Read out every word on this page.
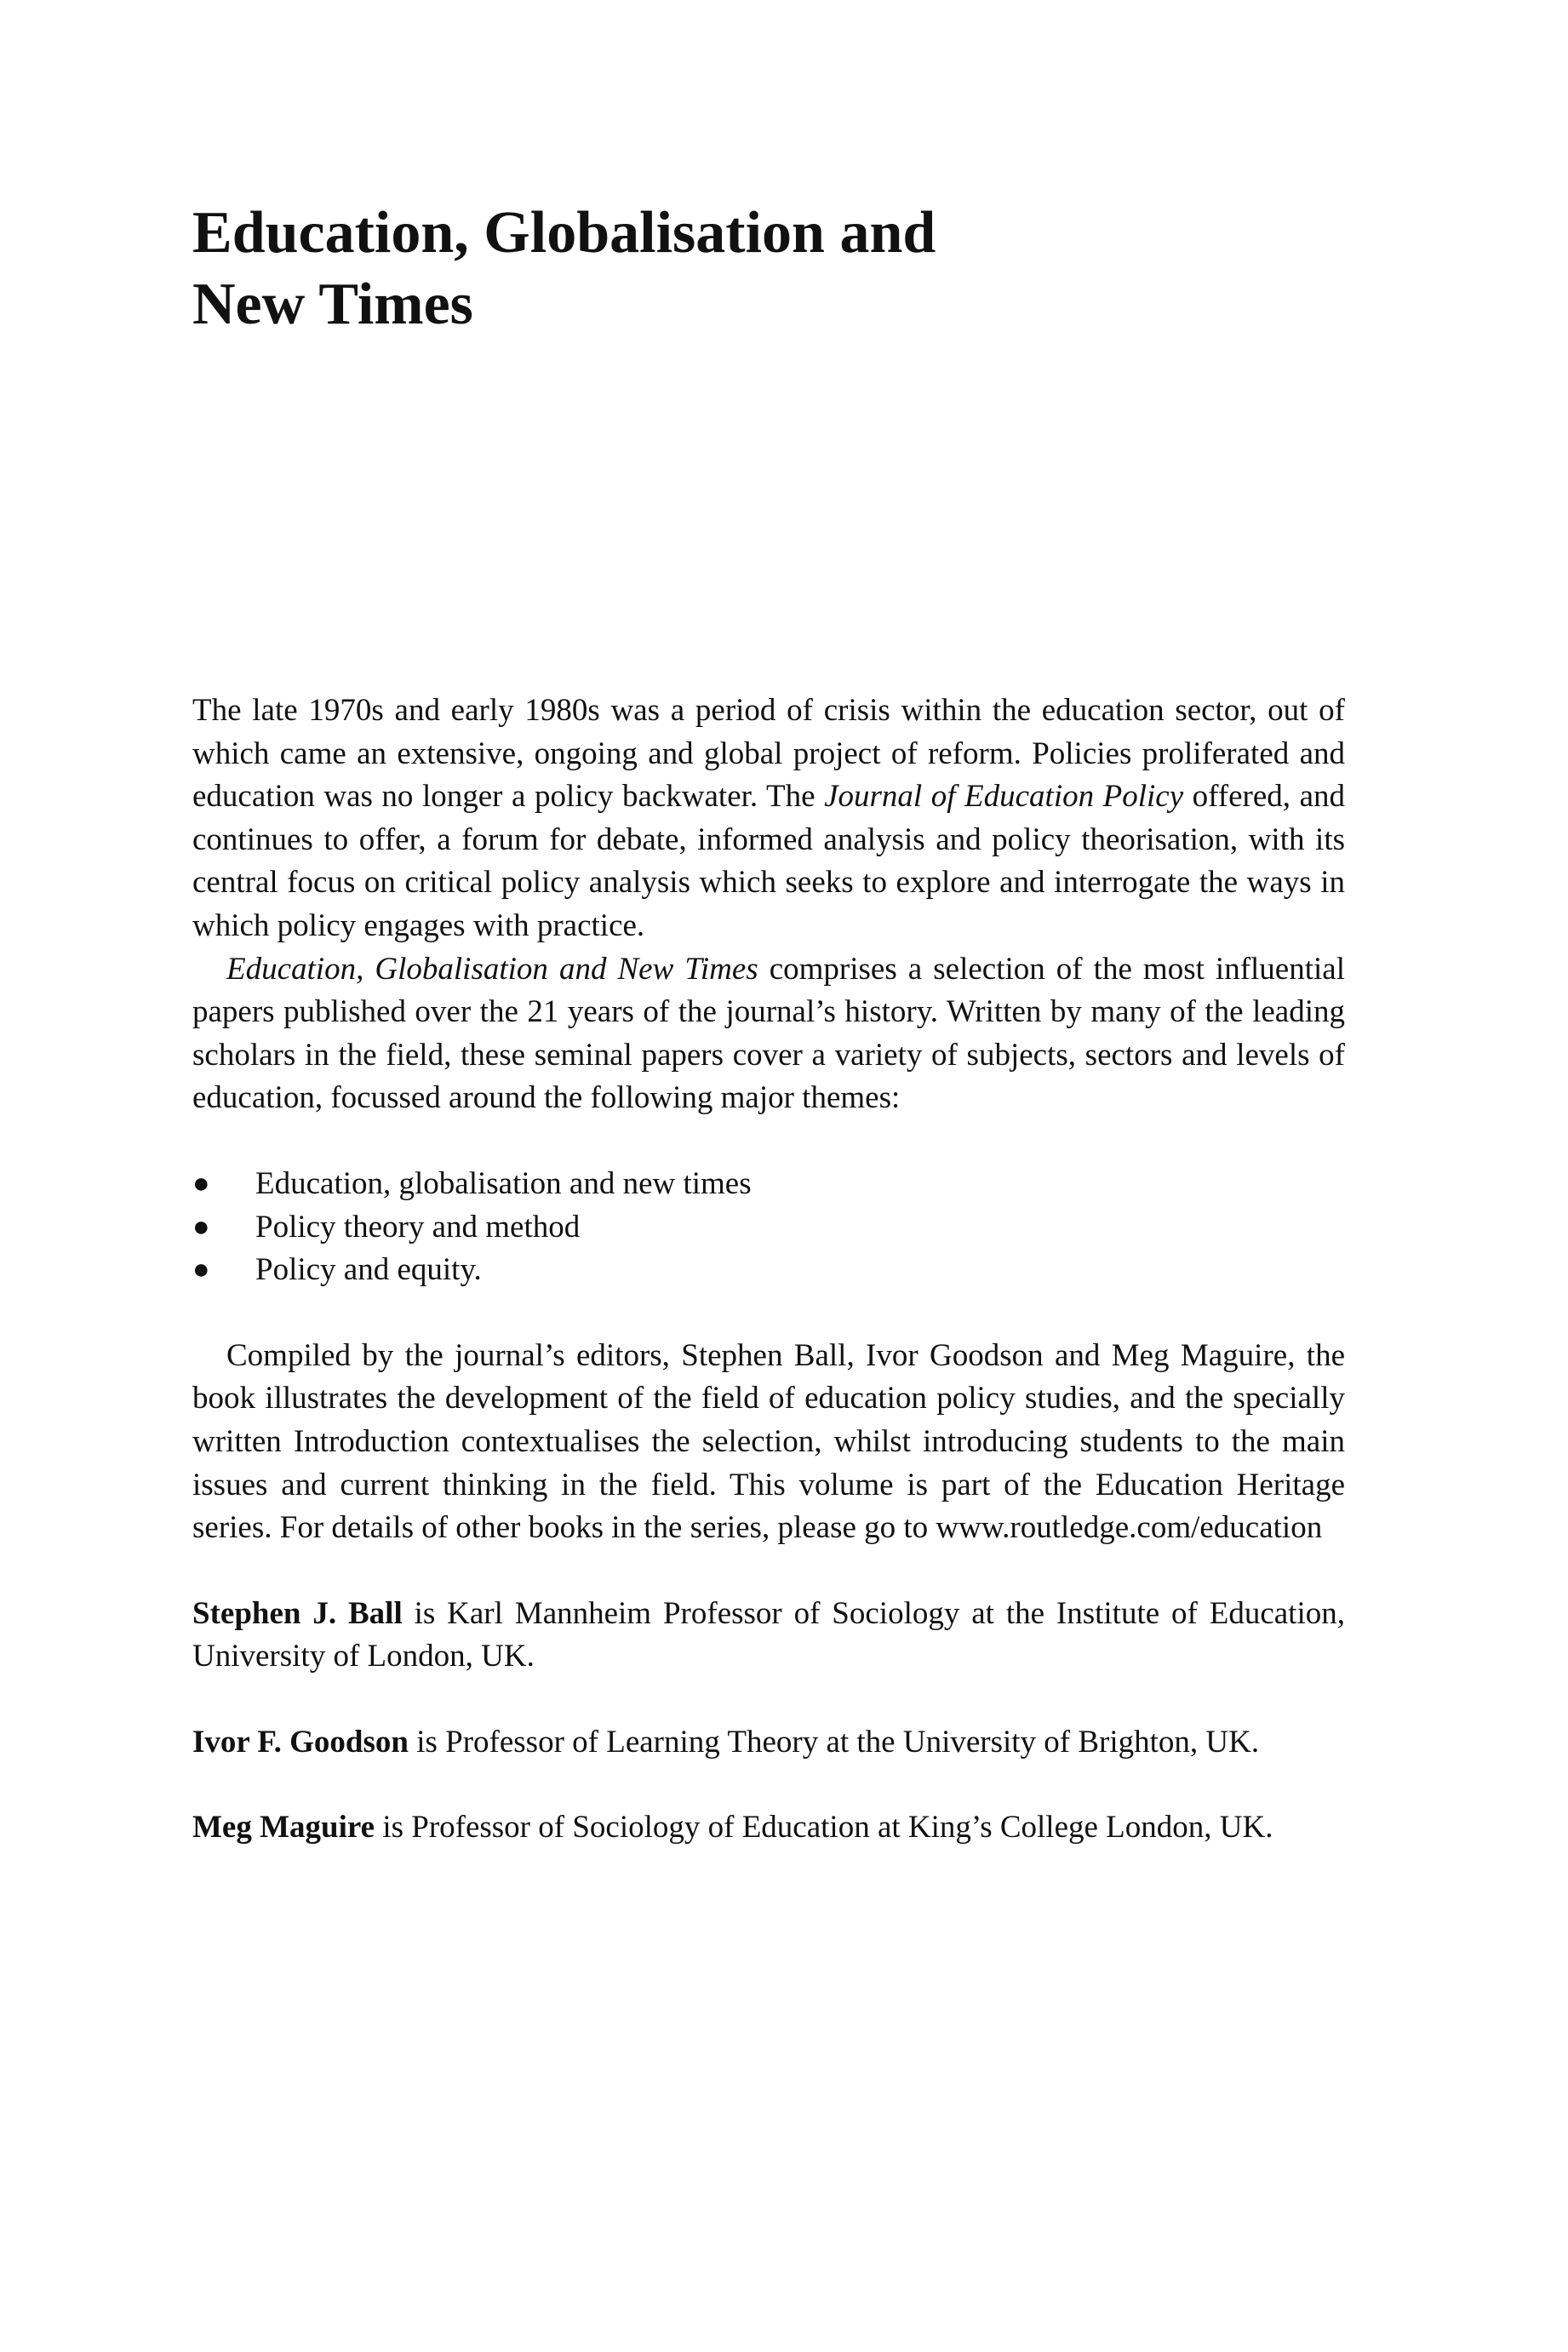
Education, Globalisation and
New Times

The late 1970s and early 1980s was a period of crisis within the education sector, out of which came an extensive, ongoing and global project of reform. Policies proliferated and education was no longer a policy backwater. The Journal of Education Policy offered, and continues to offer, a forum for debate, informed analysis and policy theorisation, with its central focus on critical policy analysis which seeks to explore and interrogate the ways in which policy engages with practice.

Education, Globalisation and New Times comprises a selection of the most influential papers published over the 21 years of the journal’s history. Written by many of the leading scholars in the field, these seminal papers cover a variety of subjects, sectors and levels of education, focussed around the following major themes:

● Education, globalisation and new times
● Policy theory and method
● Policy and equity.

Compiled by the journal’s editors, Stephen Ball, Ivor Goodson and Meg Maguire, the book illustrates the development of the field of education policy studies, and the specially written Introduction contextualises the selection, whilst introducing students to the main issues and current thinking in the field. This volume is part of the Education Heritage series. For details of other books in the series, please go to www.routledge.com/education

Stephen J. Ball is Karl Mannheim Professor of Sociology at the Institute of Education, University of London, UK.

Ivor F. Goodson is Professor of Learning Theory at the University of Brighton, UK.

Meg Maguire is Professor of Sociology of Education at King’s College London, UK.
